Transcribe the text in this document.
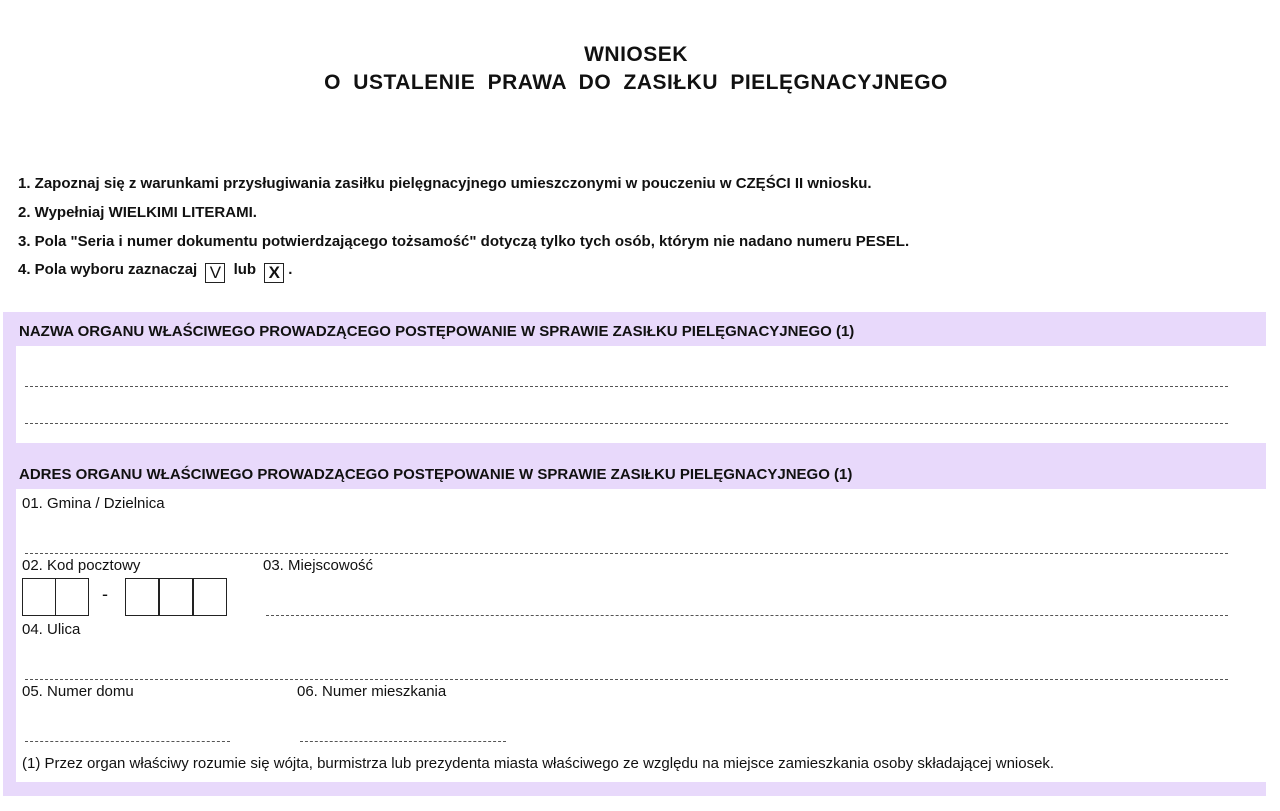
WNIOSEK
O USTALENIE PRAWA DO ZASIŁKU PIELĘGNACYJNEGO
1. Zapoznaj się z warunkami przysługiwania zasiłku pielęgnacyjnego umieszczonymi w pouczeniu w CZĘŚCI II wniosku.
2. Wypełniaj WIELKIMI LITERAMI.
3. Pola "Seria i numer dokumentu potwierdzającego tożsamość" dotyczą tylko tych osób, którym nie nadano numeru PESEL.
4. Pola wyboru zaznaczaj V lub X .
NAZWA ORGANU WŁAŚCIWEGO PROWADZĄCEGO POSTĘPOWANIE W SPRAWIE ZASIŁKU PIELĘGNACYJNEGO (1)
ADRES ORGANU WŁAŚCIWEGO PROWADZĄCEGO POSTĘPOWANIE W SPRAWIE ZASIŁKU PIELĘGNACYJNEGO (1)
01. Gmina / Dzielnica
02. Kod pocztowy
-
03. Miejscowość
04. Ulica
05. Numer domu	06. Numer mieszkania
(1) Przez organ właściwy rozumie się wójta, burmistrza lub prezydenta miasta właściwego ze względu na miejsce zamieszkania osoby składającej wniosek.
